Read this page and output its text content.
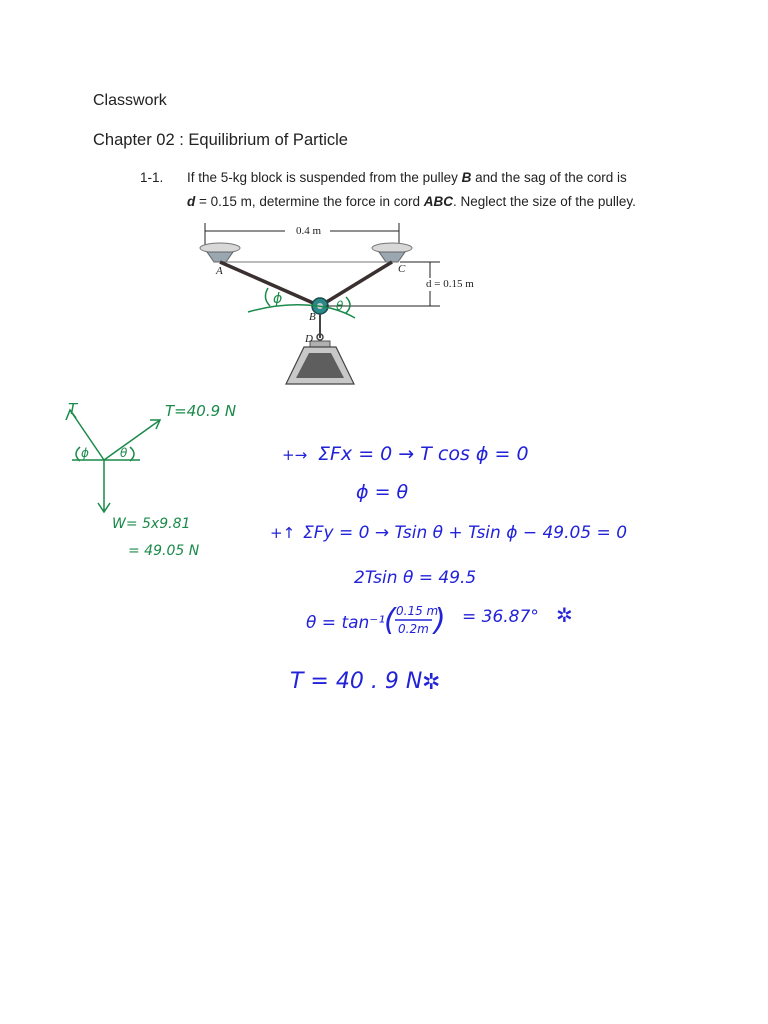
Classwork
Chapter 02 : Equilibrium of Particle
1-1. If the 5-kg block is suspended from the pulley B and the sag of the cord is
d = 0.15 m, determine the force in cord ABC. Neglect the size of the pulley.
0.4 m
d = 0.15 m
A	C
B
D
ϕ	θ
ϕ	θ
T	T=40.9 N
W= 5x9.81
= 49.05 N
+→ ΣFx = 0 → T cos ϕ = 0
ϕ = θ
+↑ ΣFy = 0 → Tsin θ + Tsin ϕ − 49.05 = 0
2Tsin θ = 49.5
θ = tan⁻¹
( 0.15 m
0.2m ) = 36.87° ✲
T = 40 . 9 N ✲
